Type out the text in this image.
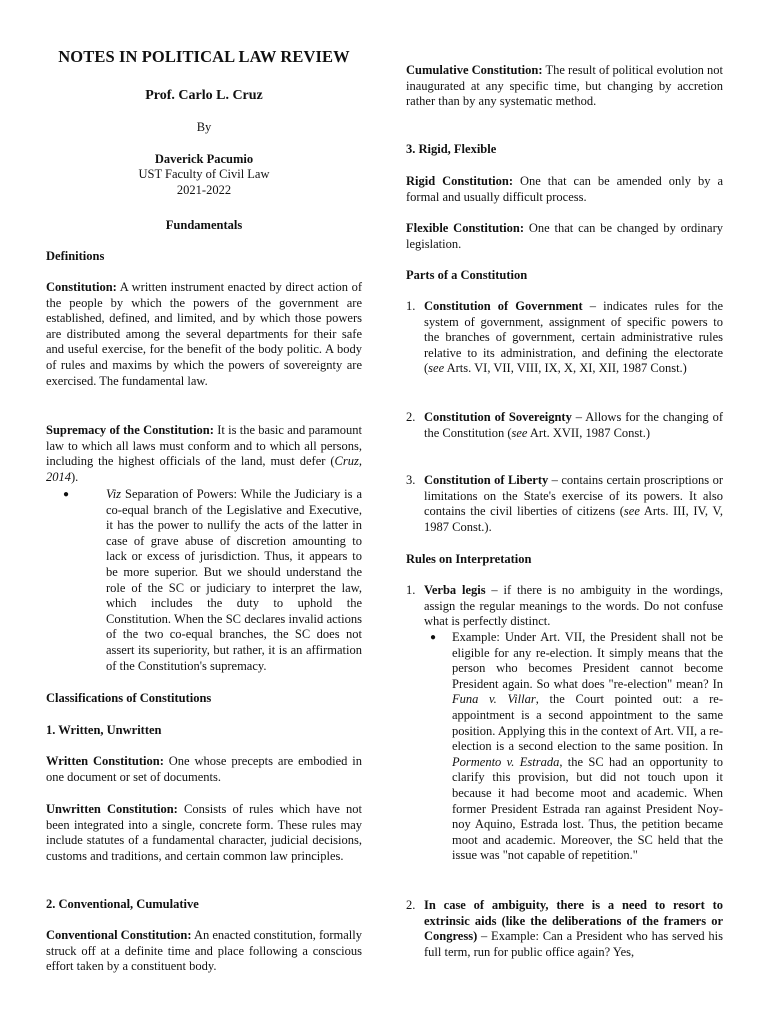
NOTES IN POLITICAL LAW REVIEW
Prof. Carlo L. Cruz
By
Daverick Pacumio
UST Faculty of Civil Law
2021-2022
Fundamentals
Definitions

Constitution: A written instrument enacted by direct action of the people by which the powers of the government are established, defined, and limited, and by which those powers are distributed among the several departments for their safe and useful exercise, for the benefit of the body politic. A body of rules and maxims by which the powers of sovereignty are exercised. The fundamental law.

Supremacy of the Constitution: It is the basic and paramount law to which all laws must conform and to which all persons, including the highest officials of the land, must defer (Cruz, 2014).

●	Viz Separation of Powers: While the Judiciary is a co-equal branch of the Legislative and Executive, it has the power to nullify the acts of the latter in case of grave abuse of discretion amounting to lack or excess of jurisdiction. Thus, it appears to be more superior. But we should understand the role of the SC or judiciary to interpret the law, which includes the duty to uphold the Constitution. When the SC declares invalid actions of the two co-equal branches, the SC does not assert its superiority, but rather, it is an affirmation of the Constitution's supremacy.
Classifications of Constitutions
1. Written, Unwritten

Written Constitution: One whose precepts are embodied in one document or set of documents.

Unwritten Constitution: Consists of rules which have not been integrated into a single, concrete form. These rules may include statutes of a fundamental character, judicial decisions, customs and traditions, and certain common law principles.

2. Conventional, Cumulative

Conventional Constitution: An enacted constitution, formally struck off at a definite time and place following a conscious effort taken by a constituent body.

Cumulative Constitution: The result of political evolution not inaugurated at any specific time, but changing by accretion rather than by any systematic method.

3. Rigid, Flexible

Rigid Constitution: One that can be amended only by a formal and usually difficult process.

Flexible Constitution: One that can be changed by ordinary legislation.

Parts of a Constitution
1. Constitution of Government – indicates rules for the system of government, assignment of specific powers to the branches of government, certain administrative rules relative to its administration, and defining the electorate (see Arts. VI, VII, VIII, IX, X, XI, XII, 1987 Const.)
2. Constitution of Sovereignty – Allows for the changing of the Constitution (see Art. XVII, 1987 Const.)
3. Constitution of Liberty – contains certain proscriptions or limitations on the State's exercise of its powers. It also contains the civil liberties of citizens (see Arts. III, IV, V, 1987 Const.).
Rules on Interpretation
1. Verba legis – if there is no ambiguity in the wordings, assign the regular meanings to the words. Do not confuse what is perfectly distinct.
● Example: Under Art. VII, the President shall not be eligible for any re-election. It simply means that the person who becomes President cannot become President again. So what does "re-election" mean? In Funa v. Villar, the Court pointed out: a re-appointment is a second appointment to the same position. Applying this in the context of Art. VII, a re-election is a second election to the same position. In Pormento v. Estrada, the SC had an opportunity to clarify this provision, but did not touch upon it because it had become moot and academic. When former President Estrada ran against President Noy-noy Aquino, Estrada lost. Thus, the petition became moot and academic. Moreover, the SC held that the issue was "not capable of repetition."
2. In case of ambiguity, there is a need to resort to extrinsic aids (like the deliberations of the framers or Congress) – Example: Can a President who has served his full term, run for public office again? Yes,
